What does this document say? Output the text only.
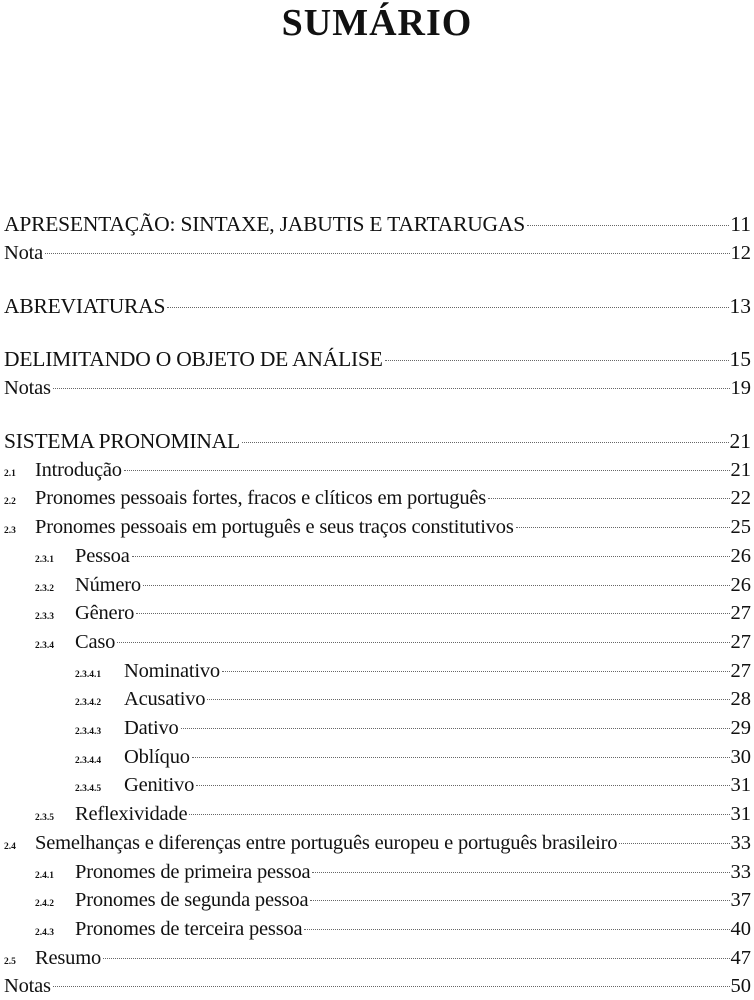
SUMÁRIO
APRESENTAÇÃO: SINTAXE, JABUTIS E TARTARUGAS	11
Nota	12
ABREVIATURAS	13
DELIMITANDO O OBJETO DE ANÁLISE	15
Notas	19
SISTEMA PRONOMINAL	21
2.1 Introdução	21
2.2 Pronomes pessoais fortes, fracos e clíticos em português	22
2.3 Pronomes pessoais em português e seus traços constitutivos	25
2.3.1	Pessoa	26
2.3.2	Número	26
2.3.3	Gênero	27
2.3.4	Caso	27
2.3.4.1	Nominativo	27
2.3.4.2	Acusativo	28
2.3.4.3	Dativo	29
2.3.4.4	Oblíquo	30
2.3.4.5	Genitivo	31
2.3.5	Reflexividade	31
2.4 Semelhanças e diferenças entre português europeu e português brasileiro	33
2.4.1	Pronomes de primeira pessoa	33
2.4.2	Pronomes de segunda pessoa	37
2.4.3	Pronomes de terceira pessoa	40
2.5 Resumo	47
Notas	50
